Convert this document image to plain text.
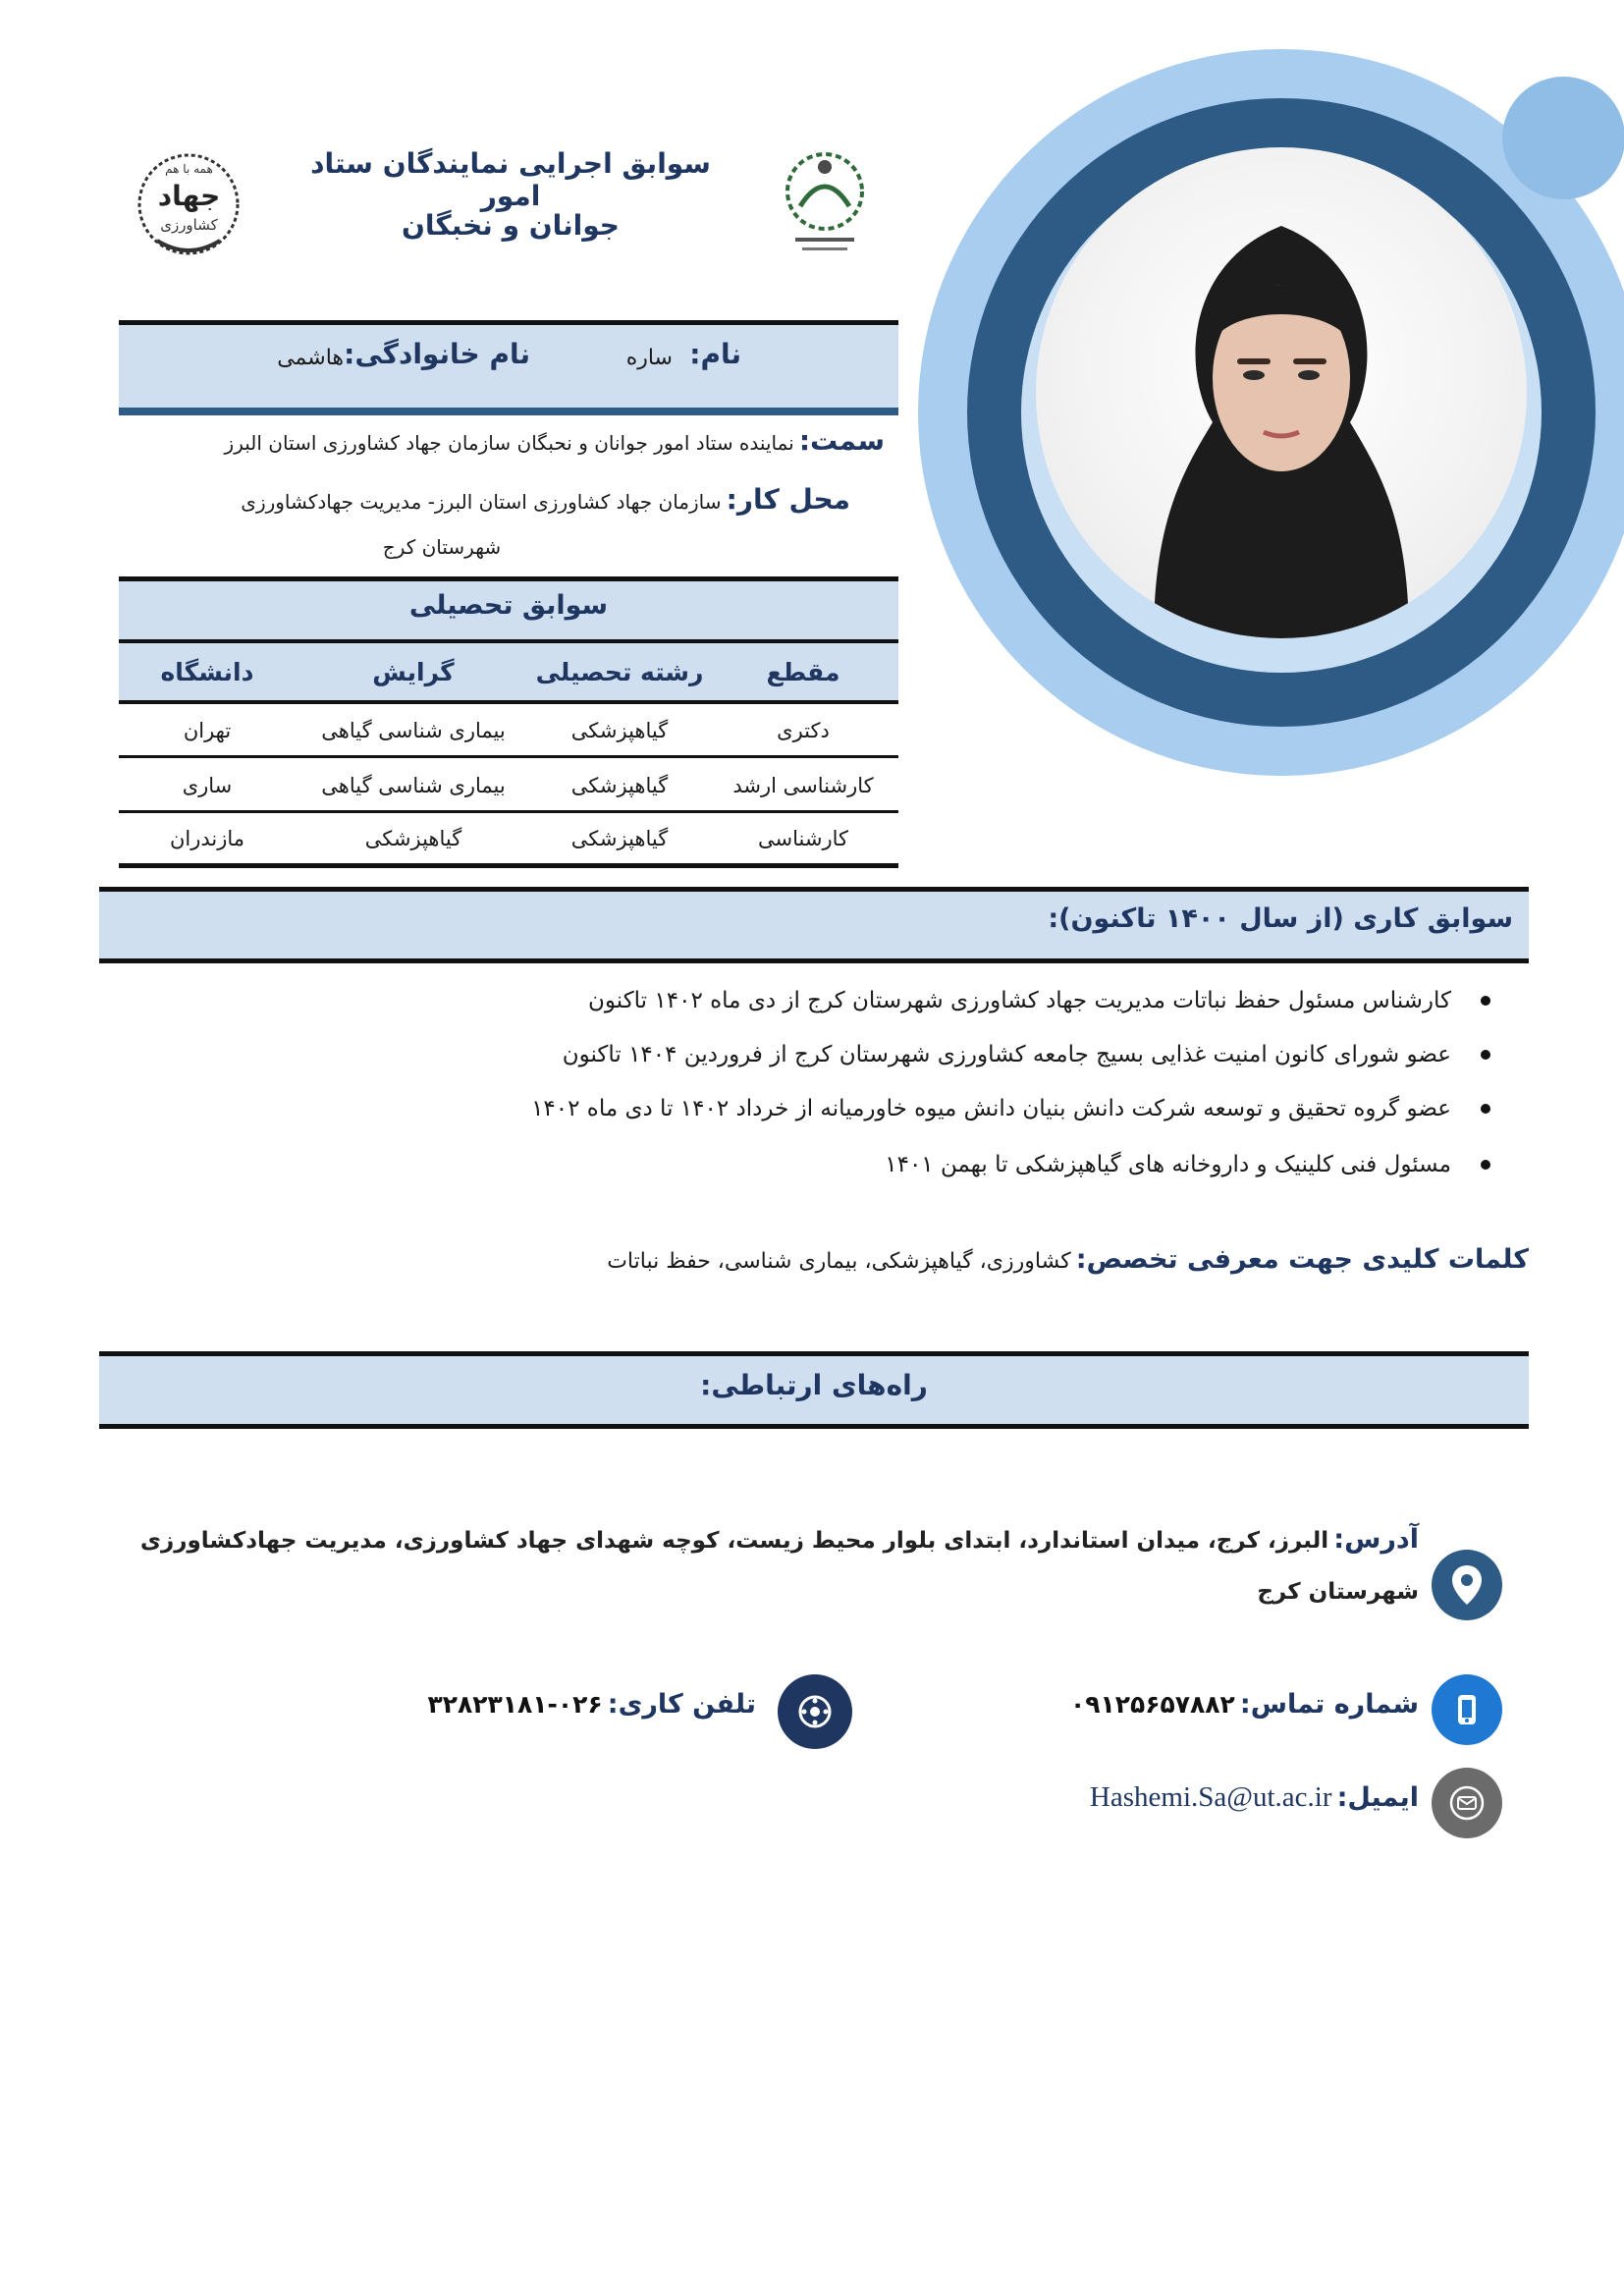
همه با هم
جهاد
کشاورزی
سوابق اجرایی نمایندگان ستاد امور
جوانان و نخبگان
نام:
ساره
نام خانوادگی:
هاشمی
سمت: نماینده ستاد امور جوانان و نحبگان سازمان جهاد کشاورزی استان البرز
محل کار: سازمان جهاد کشاورزی استان البرز- مدیریت جهادکشاورزی
شهرستان کرج
سوابق تحصیلی
مقطع
رشته تحصیلی
گرایش
دانشگاه
دکتری
گیاهپزشکی
بیماری شناسی گیاهی
تهران
کارشناسی ارشد
گیاهپزشکی
بیماری شناسی گیاهی
ساری
کارشناسی
گیاهپزشکی
گیاهپزشکی
مازندران
سوابق کاری (از سال ۱۴۰۰ تاکنون):
کارشناس مسئول حفظ نباتات مدیریت جهاد کشاورزی شهرستان کرج از دی ماه ۱۴۰۲ تاکنون
عضو شورای کانون امنیت غذایی بسیج جامعه کشاورزی شهرستان کرج از فروردین ۱۴۰۴ تاکنون
عضو گروه تحقیق و توسعه شرکت دانش بنیان دانش میوه خاورمیانه از خرداد ۱۴۰۲ تا دی ماه ۱۴۰۲
مسئول فنی کلینیک و داروخانه های گیاهپزشکی تا بهمن ۱۴۰۱
کلمات کلیدی جهت معرفی تخصص: کشاورزی، گیاهپزشکی، بیماری شناسی، حفظ نباتات
راه‌های ارتباطی:
آدرس: البرز، کرج، میدان استاندارد، ابتدای بلوار محیط زیست، کوچه شهدای جهاد کشاورزی، مدیریت جهادکشاورزی
شهرستان کرج
شماره تماس: ۰۹۱۲۵۶۵۷۸۸۲
تلفن کاری: ۰۲۶-۳۲۸۲۳۱۸۱
ایمیل: Hashemi.Sa@ut.ac.ir
